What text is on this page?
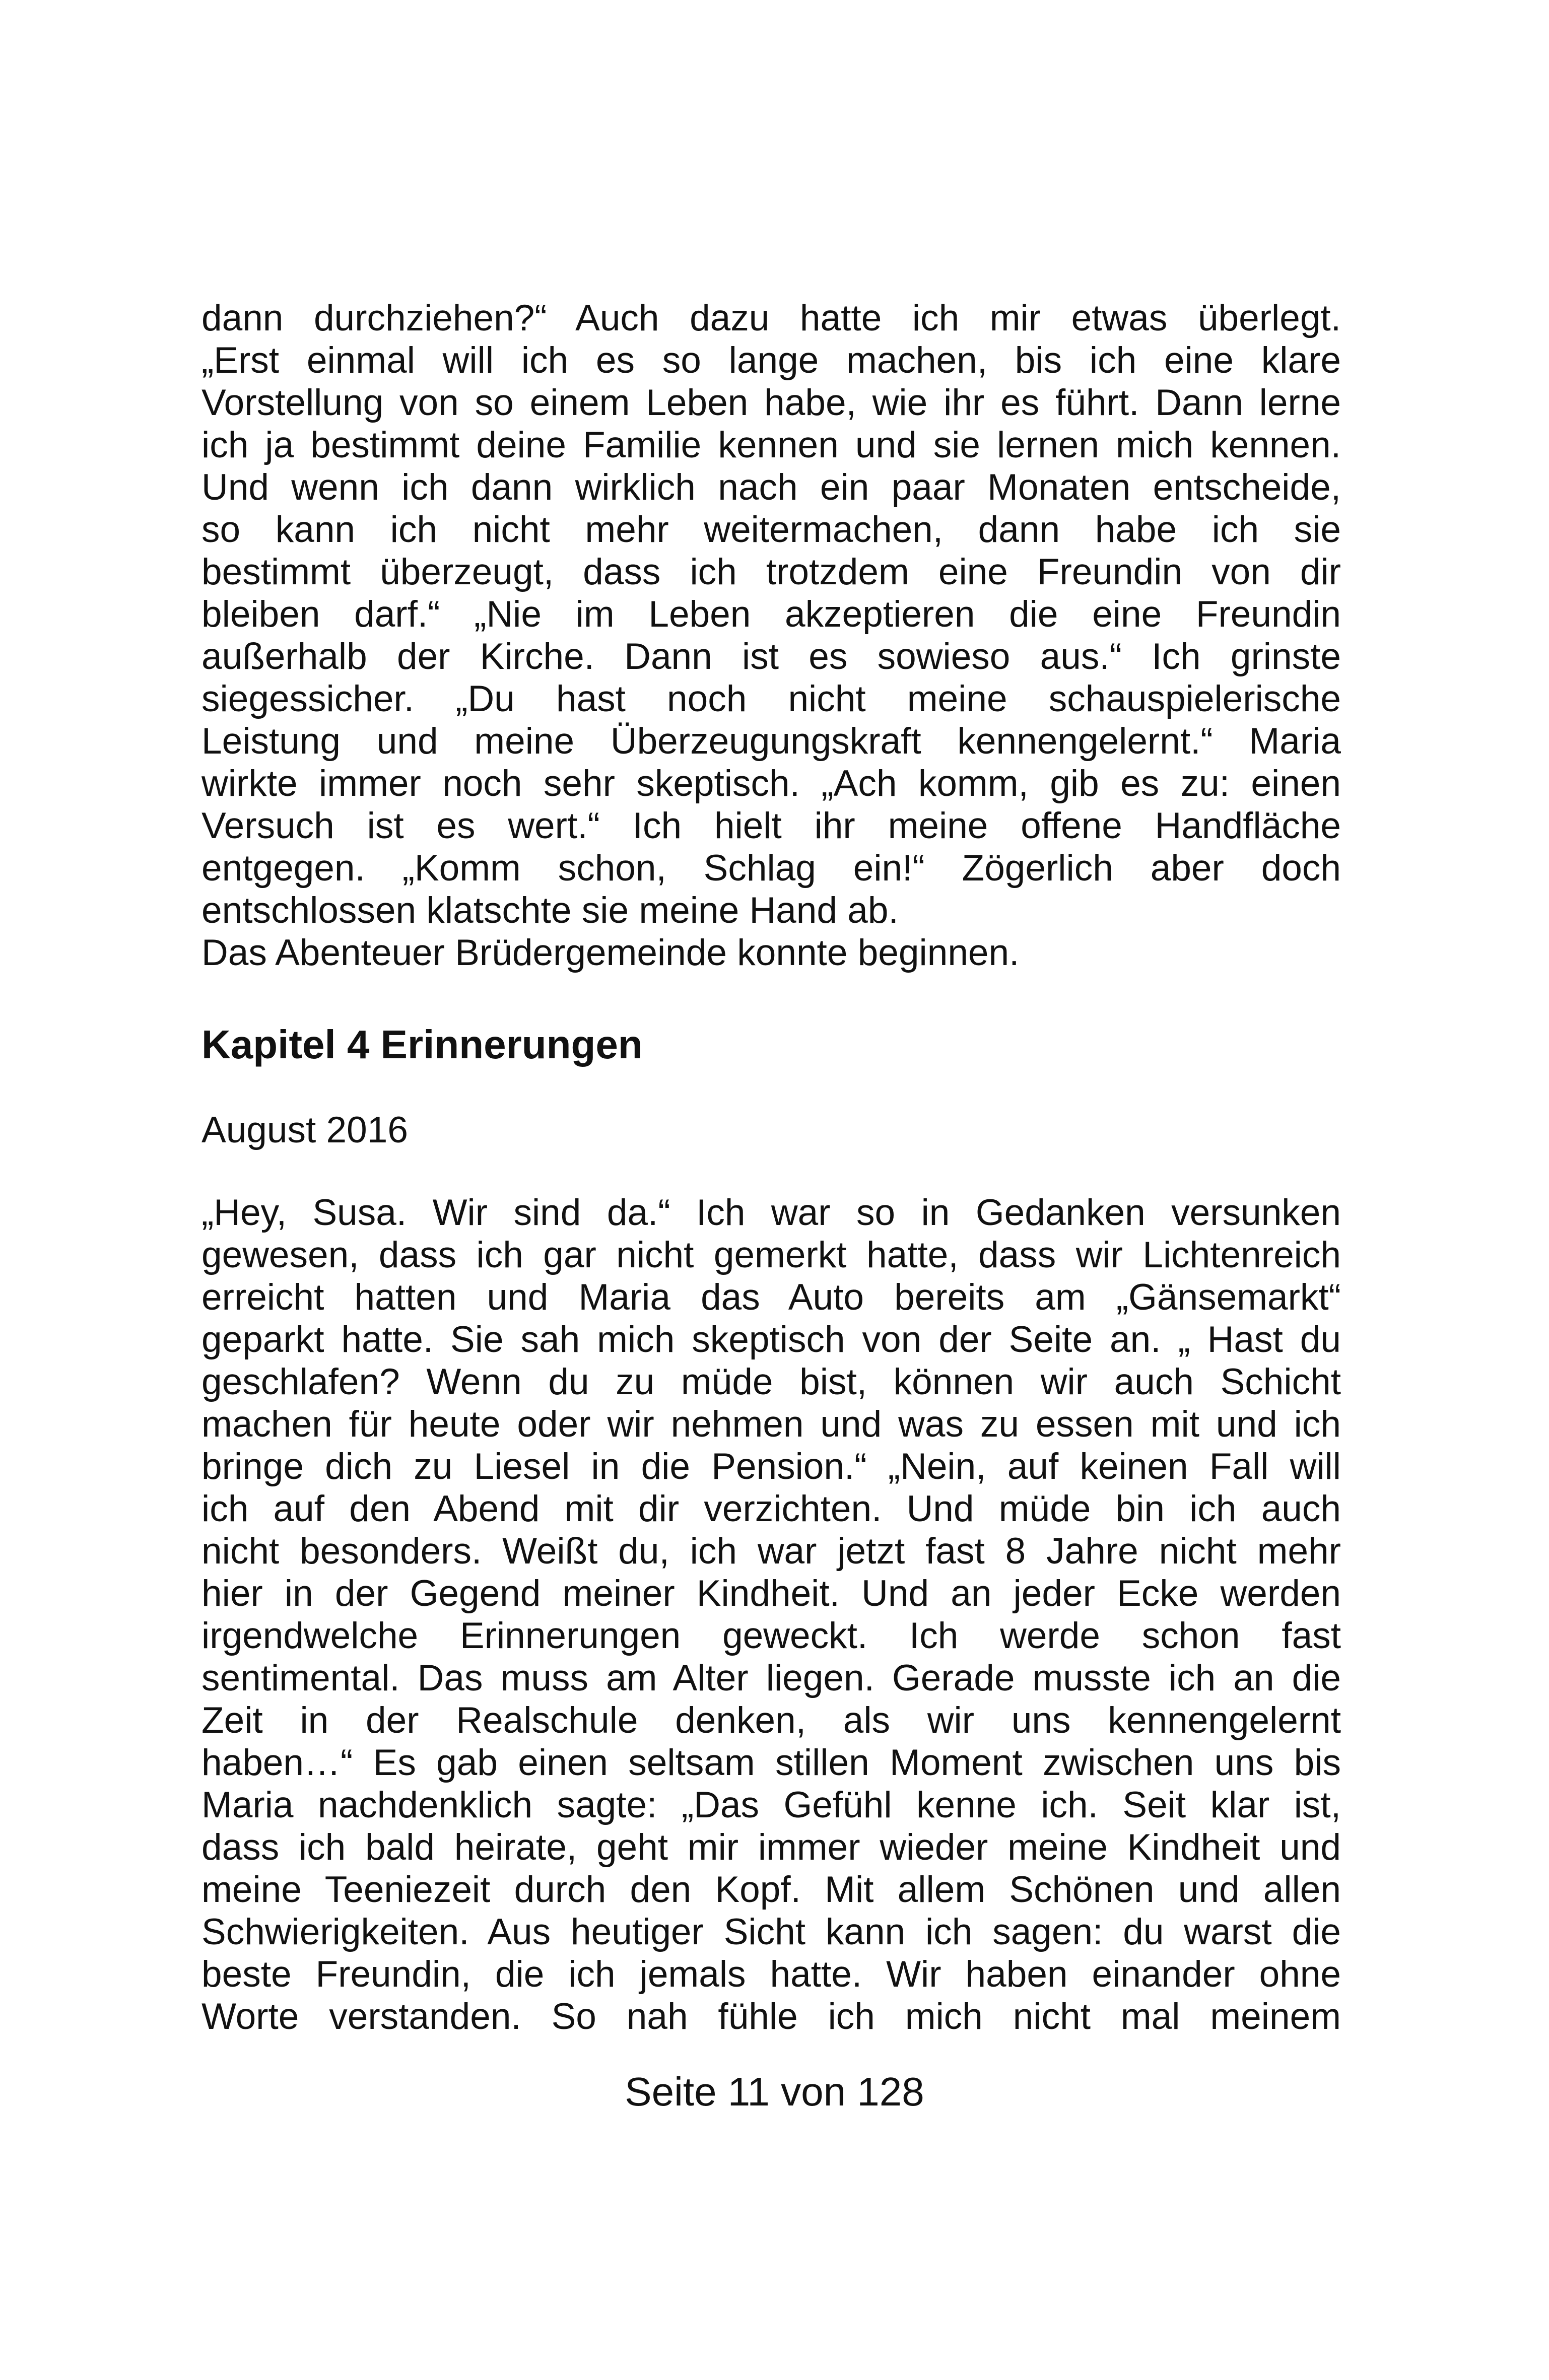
dann durchziehen?“ Auch dazu hatte ich mir etwas überlegt.
„Erst einmal will ich es so lange machen, bis ich eine klare
Vorstellung von so einem Leben habe, wie ihr es führt. Dann lerne
ich ja bestimmt deine Familie kennen und sie lernen mich kennen.
Und wenn ich dann wirklich nach ein paar Monaten entscheide,
so kann ich nicht mehr weitermachen, dann habe ich sie
bestimmt überzeugt, dass ich trotzdem eine Freundin von dir
bleiben darf.“ „Nie im Leben akzeptieren die eine Freundin
außerhalb der Kirche. Dann ist es sowieso aus.“ Ich grinste
siegessicher. „Du hast noch nicht meine schauspielerische
Leistung und meine Überzeugungskraft kennengelernt.“ Maria
wirkte immer noch sehr skeptisch. „Ach komm, gib es zu: einen
Versuch ist es wert.“ Ich hielt ihr meine offene Handfläche
entgegen. „Komm schon, Schlag ein!“ Zögerlich aber doch
entschlossen klatschte sie meine Hand ab.
Das Abenteuer Brüdergemeinde konnte beginnen.
Kapitel 4 Erinnerungen
August 2016
„Hey, Susa. Wir sind da.“ Ich war so in Gedanken versunken
gewesen, dass ich gar nicht gemerkt hatte, dass wir Lichtenreich
erreicht hatten und Maria das Auto bereits am „Gänsemarkt“
geparkt hatte. Sie sah mich skeptisch von der Seite an. „ Hast du
geschlafen? Wenn du zu müde bist, können wir auch Schicht
machen für heute oder wir nehmen und was zu essen mit und ich
bringe dich zu Liesel in die Pension.“ „Nein, auf keinen Fall will
ich auf den Abend mit dir verzichten. Und müde bin ich auch
nicht besonders. Weißt du, ich war jetzt fast 8 Jahre nicht mehr
hier in der Gegend meiner Kindheit. Und an jeder Ecke werden
irgendwelche Erinnerungen geweckt. Ich werde schon fast
sentimental. Das muss am Alter liegen. Gerade musste ich an die
Zeit in der Realschule denken, als wir uns kennengelernt
haben…“ Es gab einen seltsam stillen Moment zwischen uns bis
Maria nachdenklich sagte: „Das Gefühl kenne ich. Seit klar ist,
dass ich bald heirate, geht mir immer wieder meine Kindheit und
meine Teeniezeit durch den Kopf. Mit allem Schönen und allen
Schwierigkeiten. Aus heutiger Sicht kann ich sagen: du warst die
beste Freundin, die ich jemals hatte. Wir haben einander ohne
Worte verstanden. So nah fühle ich mich nicht mal meinem
Seite 11 von 128
